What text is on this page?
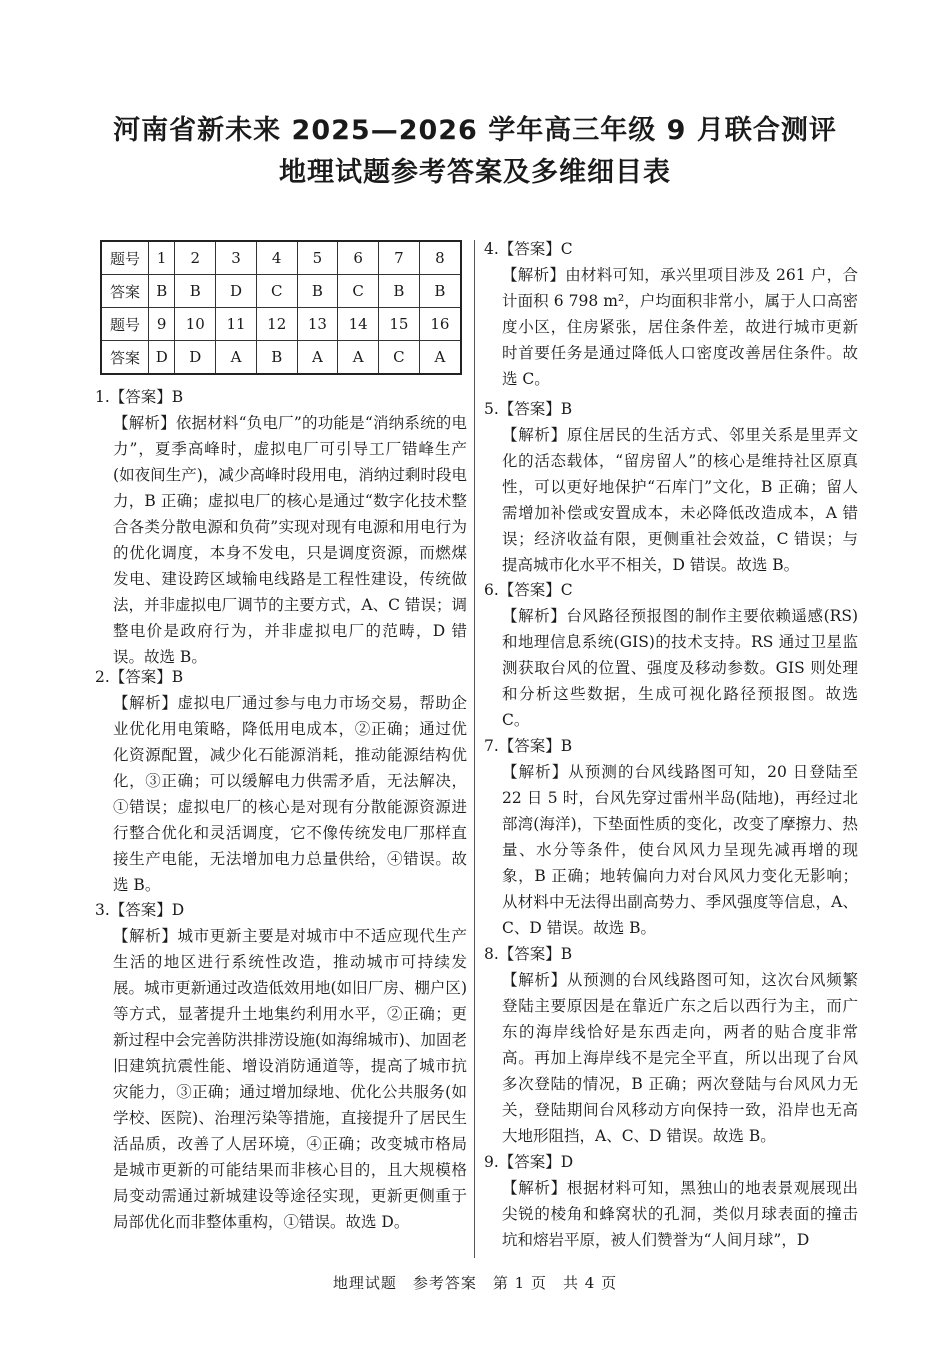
河南省新未来 2025—2026 学年高三年级 9 月联合测评
地理试题参考答案及多维细目表
题号	1	2	3	4	5	6	7	8
答案	B	B	D	C	B	C	B	B
题号	9	10	11	12	13	14	15	16
答案	D	D	A	B	A	A	C	A
1.【答案】B
【解析】依据材料“负电厂”的功能是“消纳系统的电力”，夏季高峰时，虚拟电厂可引导工厂错峰生产(如夜间生产)，减少高峰时段用电，消纳过剩时段电力，B 正确；虚拟电厂的核心是通过“数字化技术整合各类分散电源和负荷”实现对现有电源和用电行为的优化调度，本身不发电，只是调度资源，而燃煤发电、建设跨区域输电线路是工程性建设，传统做法，并非虚拟电厂调节的主要方式，A、C 错误；调整电价是政府行为，并非虚拟电厂的范畴，D 错误。故选 B。
2.【答案】B
【解析】虚拟电厂通过参与电力市场交易，帮助企业优化用电策略，降低用电成本，②正确；通过优化资源配置，减少化石能源消耗，推动能源结构优化，③正确；可以缓解电力供需矛盾，无法解决，①错误；虚拟电厂的核心是对现有分散能源资源进行整合优化和灵活调度，它不像传统发电厂那样直接生产电能，无法增加电力总量供给，④错误。故选 B。
3.【答案】D
【解析】城市更新主要是对城市中不适应现代生产生活的地区进行系统性改造，推动城市可持续发展。城市更新通过改造低效用地(如旧厂房、棚户区)等方式，显著提升土地集约利用水平，②正确；更新过程中会完善防洪排涝设施(如海绵城市)、加固老旧建筑抗震性能、增设消防通道等，提高了城市抗灾能力，③正确；通过增加绿地、优化公共服务(如学校、医院)、治理污染等措施，直接提升了居民生活品质，改善了人居环境，④正确；改变城市格局是城市更新的可能结果而非核心目的，且大规模格局变动需通过新城建设等途径实现，更新更侧重于局部优化而非整体重构，①错误。故选 D。
4.【答案】C
【解析】由材料可知，承兴里项目涉及 261 户，合计面积 6 798 m²，户均面积非常小，属于人口高密度小区，住房紧张，居住条件差，故进行城市更新时首要任务是通过降低人口密度改善居住条件。故选 C。
5.【答案】B
【解析】原住居民的生活方式、邻里关系是里弄文化的活态载体，“留房留人”的核心是维持社区原真性，可以更好地保护“石库门”文化，B 正确；留人需增加补偿或安置成本，未必降低改造成本，A 错误；经济收益有限，更侧重社会效益，C 错误；与提高城市化水平不相关，D 错误。故选 B。
6.【答案】C
【解析】台风路径预报图的制作主要依赖遥感(RS)和地理信息系统(GIS)的技术支持。RS 通过卫星监测获取台风的位置、强度及移动参数。GIS 则处理和分析这些数据，生成可视化路径预报图。故选 C。
7.【答案】B
【解析】从预测的台风线路图可知，20 日登陆至 22 日 5 时，台风先穿过雷州半岛(陆地)，再经过北部湾(海洋)，下垫面性质的变化，改变了摩擦力、热量、水分等条件，使台风风力呈现先减再增的现象，B 正确；地转偏向力对台风风力变化无影响；从材料中无法得出副高势力、季风强度等信息，A、C、D 错误。故选 B。
8.【答案】B
【解析】从预测的台风线路图可知，这次台风频繁登陆主要原因是在靠近广东之后以西行为主，而广东的海岸线恰好是东西走向，两者的贴合度非常高。再加上海岸线不是完全平直，所以出现了台风多次登陆的情况，B 正确；两次登陆与台风风力无关，登陆期间台风移动方向保持一致，沿岸也无高大地形阻挡，A、C、D 错误。故选 B。
9.【答案】D
【解析】根据材料可知，黑独山的地表景观展现出尖锐的棱角和蜂窝状的孔洞，类似月球表面的撞击坑和熔岩平原，被人们赞誉为“人间月球”，D
地理试题　参考答案　第 1 页　共 4 页
